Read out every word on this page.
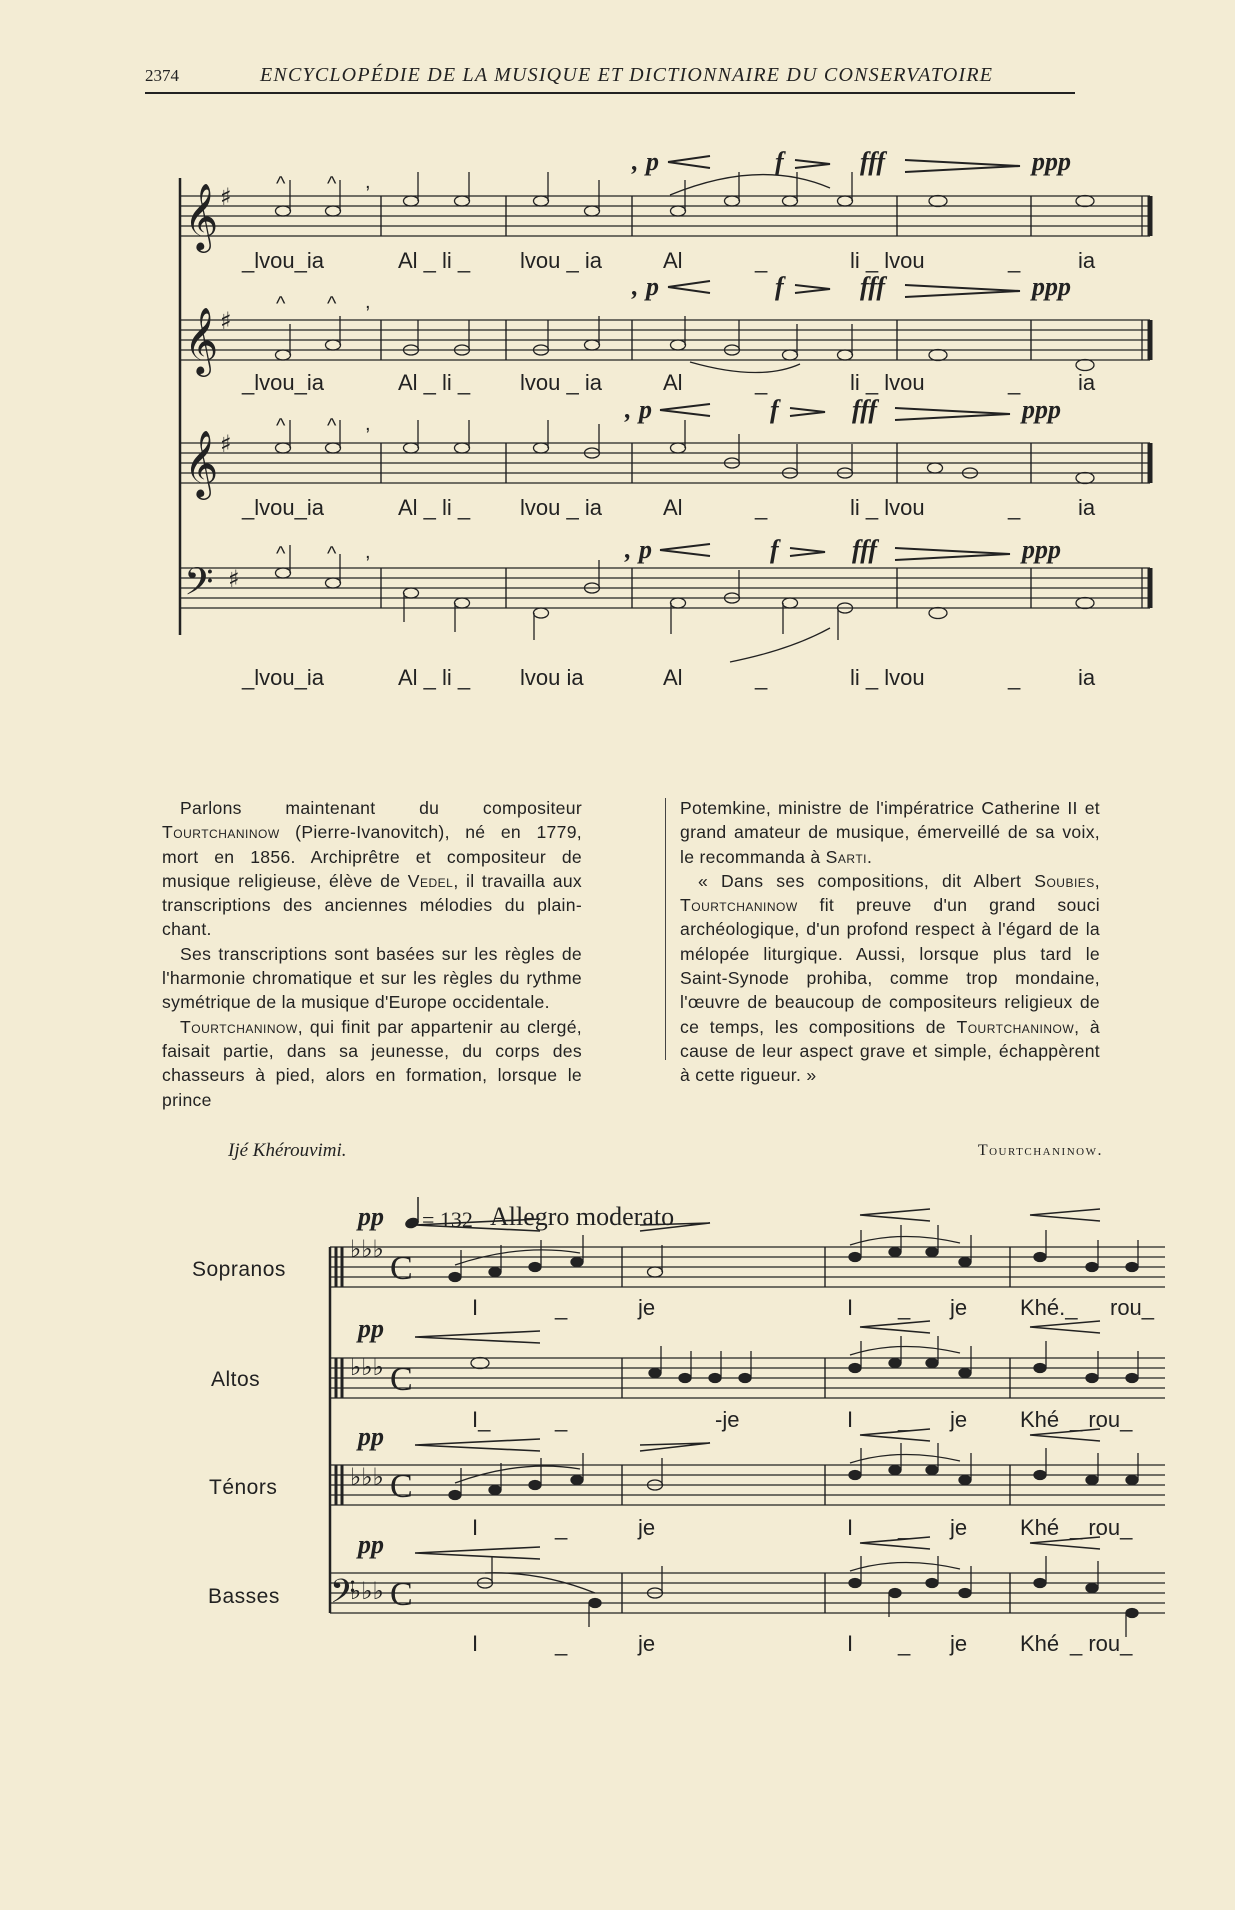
2374	ENCYCLOPÉDIE DE LA MUSIQUE ET DICTIONNAIRE DU CONSERVATOIRE
𝄞
𝄞
𝄞
𝄢
♯
♯
♯
♯
^ ^ ,
^ ^ ,
^ ^ ,
^ ^ ,
, p	f	fff	ppp
, p	f	fff	ppp
, p	f	fff	ppp
, p	f	fff	ppp
_lvou_ia	Al _ li _ lvou _ ia	Al	_	li _ lvou	_	ia
_lvou_ia	Al _ li _ lvou _ ia	Al	_	li _ lvou	_	ia
_lvou_ia	Al _ li _ lvou _ ia	Al	_	li _ lvou	_	ia
_lvou_ia	Al _ li _ lvou ia	Al	_	li _ lvou	_	ia

Parlons maintenant du compositeur Tourtchaninow (Pierre-Ivanovitch), né en 1779, mort en 1856. Archiprêtre et compositeur de musique religieuse, élève de Vedel, il travailla aux transcriptions des anciennes mélodies du plain-chant.

Ses transcriptions sont basées sur les règles de l'harmonie chromatique et sur les règles du rythme symétrique de la musique d'Europe occidentale.

Tourtchaninow, qui finit par appartenir au clergé, faisait partie, dans sa jeunesse, du corps des chasseurs à pied, alors en formation, lorsque le prince

Potemkine, ministre de l'impératrice Catherine II et grand amateur de musique, émerveillé de sa voix, le recommanda à Sarti.

« Dans ses compositions, dit Albert Soubies, Tourtchaninow fit preuve d'un grand souci archéologique, d'un profond respect à l'égard de la mélopée liturgique. Aussi, lorsque plus tard le Saint-Synode prohiba, comme trop mondaine, l'œuvre de beaucoup de compositeurs religieux de ce temps, les compositions de Tourtchaninow, à cause de leur aspect grave et simple, échappèrent à cette rigueur. »

Ijé Khérouvimi.	Tourtchaninow.
Sopranos
Altos
Ténors
Basses
= 132 Allegro moderato
♭♭♭
♭♭♭
♭♭♭
♭♭♭
𝄢
C
C
C
C
pp
pp
pp
pp
I	_	je	I _ je Khé._ rou_
I_	_	-je	I _ je Khé _ rou_
I	_	je	I _ je Khé _ rou_
I	_	je	I _ je Khé _ rou_
